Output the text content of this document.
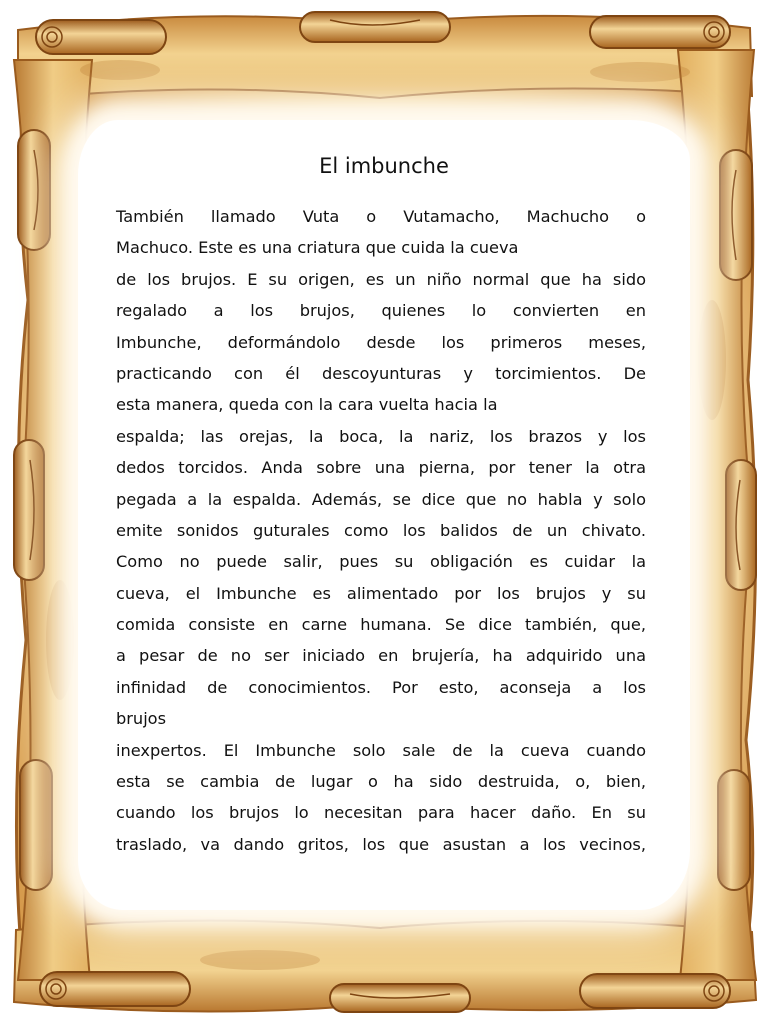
El imbunche
También llamado Vuta o Vutamacho, Machucho o
Machuco. Este es una criatura que cuida la cueva
de los brujos. E su origen, es un niño normal que ha sido
regalado a los brujos, quienes lo convierten en
Imbunche, deformándolo desde los primeros meses,
practicando con él descoyunturas y torcimientos. De
esta manera, queda con la cara vuelta hacia la
espalda; las orejas, la boca, la nariz, los brazos y los
dedos torcidos. Anda sobre una pierna, por tener la otra
pegada a la espalda. Además, se dice que no habla y solo
emite sonidos guturales como los balidos de un chivato.
Como no puede salir, pues su obligación es cuidar la
cueva, el Imbunche es alimentado por los brujos y su
comida consiste en carne humana. Se dice también, que,
a pesar de no ser iniciado en brujería, ha adquirido una
infinidad de conocimientos. Por esto, aconseja a los
brujos
inexpertos. El Imbunche solo sale de la cueva cuando
esta se cambia de lugar o ha sido destruida, o, bien,
cuando los brujos lo necesitan para hacer daño. En su
traslado, va dando gritos, los que asustan a los vecinos,
